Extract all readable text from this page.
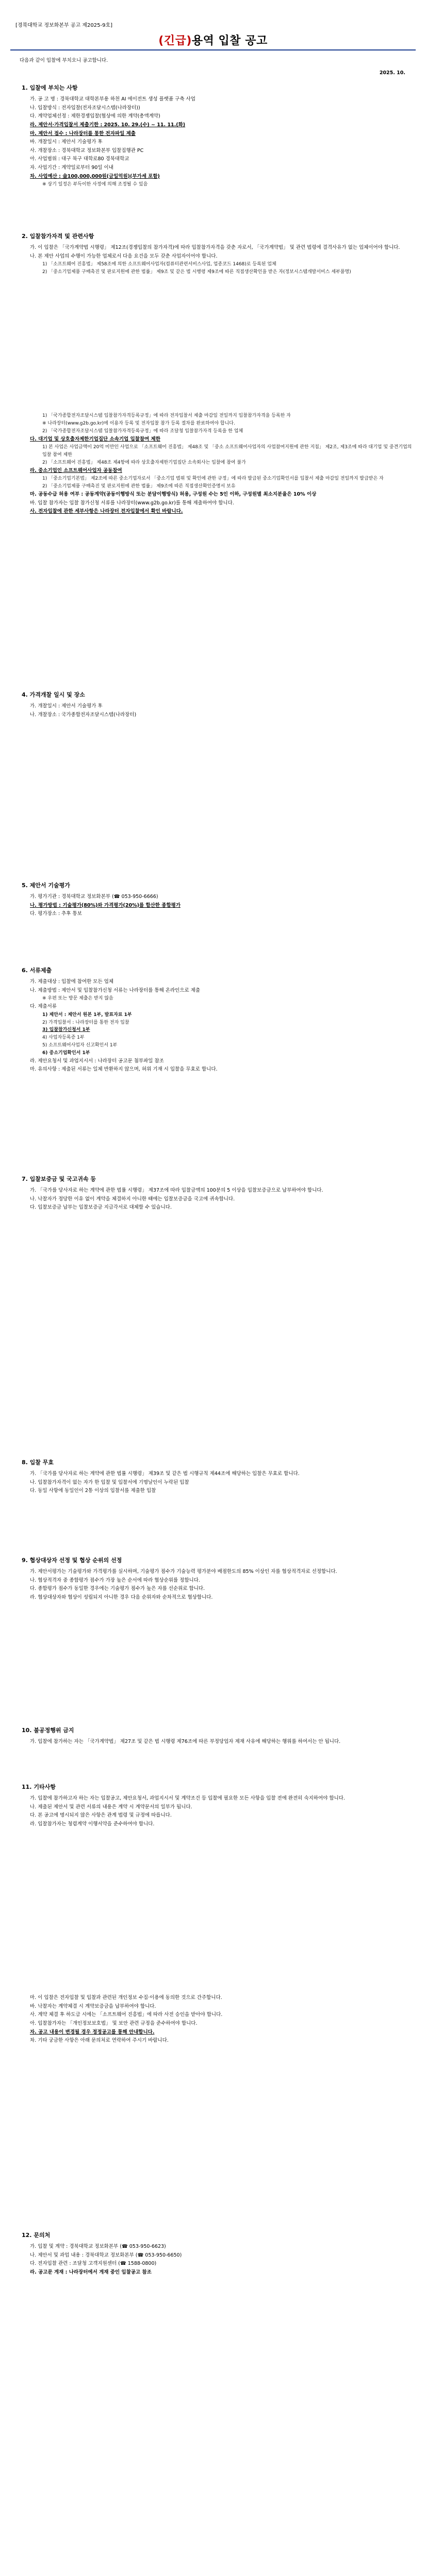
[경북대학교 정보화본부 공고 제2025-9호]
(긴급)용역 입찰 공고
다음과 같이 입찰에 부치오니 공고합니다.
2025. 10.
1. 입찰에 부치는 사항
가. 공 고 명 : 경북대학교 대학본부용 하천 AI 에이전트 생성 플랫폼 구축 사업
나. 입찰방식 : 전자입찰(전자조달시스템(나라장터))
다. 계약업체선정 : 제한경쟁입찰(협상에 의한 계약(총액계약)
라. 제안서·가격입찰서 제출기한 : 2025. 10. 29.(수) ~ 11. 11.(화)
마. 제안서 접수 : 나라장터를 통한 전자파일 제출
바. 개찰일시 : 제안서 기술평가 후
사. 개찰장소 : 경북대학교 정보화본부 입찰집행관 PC
아. 사업범위 : 대구 북구 대학로80 경북대학교
자. 사업기간 : 계약일로부터 90일 이내
차. 사업예산 : 金100,000,000원(금일억원)(부가세 포함)
※ 상기 일정은 부득이한 사정에 의해 조정될 수 있음
2. 입찰참가자격 및 관련사항
가. 이 입찰은 「국가계약법 시행령」 제12조(경쟁입찰의 참가자격)에 따라 입찰참가자격을 갖춘 자로서, 「국가계약법」 및 관련 법령에 결격사유가 없는 업체이어야 합니다.
나. 본 제안 사업의 수행이 가능한 업체로서 다음 요건을 모두 갖춘 사업자이어야 합니다.
1) 「소프트웨어 진흥법」 제58조에 의한 소프트웨어사업자(컴퓨터관련서비스사업, 업종코드 1468)로 등록된 업체
2) 「중소기업제품 구매촉진 및 판로지원에 관한 법률」 제9조 및 같은 법 시행령 제9조에 따른 직접생산확인을 받은 자(정보시스템개발서비스 세부품명)
1) 「국가종합전자조달시스템 입찰참가자격등록규정」에 따라 전자입찰서 제출 마감일 전일까지 입찰참가자격을 등록한 자
※ 나라장터(www.g2b.go.kr)에 이용자 등록 및 전자입찰 참가 등록 절차를 완료하여야 합니다.
2) 「국가종합전자조달시스템 입찰참가자격등록규정」에 따라 조달청 입찰참가자격 등록을 한 업체
다. 대기업 및 상호출자제한기업집단 소속기업 입찰참여 제한
1) 본 사업은 사업금액이 20억 미만인 사업으로 「소프트웨어 진흥법」 제48조 및 「중소 소프트웨어사업자의 사업참여지원에 관한 지침」 제2조, 제3조에 따라 대기업 및 중견기업의 입찰 참여 제한
2) 「소프트웨어 진흥법」 제48조 제4항에 따라 상호출자제한기업집단 소속회사는 입찰에 참여 불가
라. 중소기업인 소프트웨어사업자 공동참여
1) 「중소기업기본법」 제2조에 따른 중소기업자로서 「중소기업 범위 및 확인에 관한 규정」에 따라 발급된 중소기업확인서를 입찰서 제출 마감일 전일까지 발급받은 자
2) 「중소기업제품 구매촉진 및 판로지원에 관한 법률」 제9조에 따른 직접생산확인증명서 보유
마. 공동수급 허용 여부 : 공동계약(공동이행방식 또는 분담이행방식) 허용, 구성원 수는 5인 이하, 구성원별 최소지분율은 10% 이상
바. 입찰 참가자는 입찰 참가신청 서류를 나라장터(www.g2b.go.kr)를 통해 제출하여야 합니다.
사. 전자입찰에 관한 세부사항은 나라장터 전자입찰에서 확인 바랍니다.
4. 가격개찰 일시 및 장소
가. 개찰일시 : 제안서 기술평가 후
나. 개찰장소 : 국가종합전자조달시스템(나라장터)
5. 제안서 기술평가
가. 평가기관 : 경북대학교 정보화본부 (☎ 053-950-6666)
나. 평가방법 : 기술평가(80%)와 가격평가(20%)를 합산한 종합평가
다. 평가장소 : 추후 통보
6. 서류제출
가. 제출대상 : 입찰에 참여한 모든 업체
나. 제출방법 : 제안서 및 입찰참가신청 서류는 나라장터를 통해 온라인으로 제출
※ 우편 또는 방문 제출은 받지 않음
다. 제출서류
1) 제안서 : 제안서 원본 1부, 발표자료 1부
2) 가격입찰서 : 나라장터를 통한 전자 입찰
3) 입찰참가신청서 1부
4) 사업자등록증 1부
5) 소프트웨어사업자 신고확인서 1부
6) 중소기업확인서 1부
라. 제안요청서 및 과업지시서 : 나라장터 공고문 첨부파일 참조
마. 유의사항 : 제출된 서류는 일체 반환하지 않으며, 허위 기재 시 입찰을 무효로 합니다.
7. 입찰보증금 및 국고귀속 등
가. 「국가를 당사자로 하는 계약에 관한 법률 시행령」 제37조에 따라 입찰금액의 100분의 5 이상을 입찰보증금으로 납부하여야 합니다.
나. 낙찰자가 정당한 이유 없이 계약을 체결하지 아니한 때에는 입찰보증금을 국고에 귀속합니다.
다. 입찰보증금 납부는 입찰보증금 지급각서로 대체할 수 있습니다.
8. 입찰 무효
가. 「국가를 당사자로 하는 계약에 관한 법률 시행령」 제39조 및 같은 법 시행규칙 제44조에 해당하는 입찰은 무효로 합니다.
나. 입찰참가자격이 없는 자가 한 입찰 및 입찰서에 기명날인이 누락된 입찰
다. 동일 사항에 동일인이 2통 이상의 입찰서를 제출한 입찰
9. 협상대상자 선정 및 협상 순위의 선정
가. 제안서평가는 기술평가와 가격평가를 실시하며, 기술평가 점수가 기술능력 평가분야 배점한도의 85% 이상인 자를 협상적격자로 선정합니다.
나. 협상적격자 중 종합평가 점수가 가장 높은 순서에 따라 협상순위를 정합니다.
다. 종합평가 점수가 동일한 경우에는 기술평가 점수가 높은 자를 선순위로 합니다.
라. 협상대상자와 협상이 성립되지 아니한 경우 다음 순위자와 순차적으로 협상합니다.
10. 불공정행위 금지
가. 입찰에 참가하는 자는 「국가계약법」 제27조 및 같은 법 시행령 제76조에 따른 부정당업자 제재 사유에 해당하는 행위를 하여서는 안 됩니다.
11. 기타사항
가. 입찰에 참가하고자 하는 자는 입찰공고, 제안요청서, 과업지시서 및 계약조건 등 입찰에 필요한 모든 사항을 입찰 전에 완전히 숙지하여야 합니다.
나. 제출된 제안서 및 관련 서류의 내용은 계약 시 계약문서의 일부가 됩니다.
다. 본 공고에 명시되지 않은 사항은 관계 법령 및 규정에 따릅니다.
라. 입찰참가자는 청렴계약 이행서약을 준수하여야 합니다.
마. 이 입찰은 전자입찰 및 입찰과 관련된 개인정보 수집·이용에 동의한 것으로 간주합니다.
바. 낙찰자는 계약체결 시 계약보증금을 납부하여야 합니다.
사. 계약 체결 후 하도급 시에는 「소프트웨어 진흥법」에 따라 사전 승인을 받아야 합니다.
아. 입찰참가자는 「개인정보보호법」 및 보안 관련 규정을 준수하여야 합니다.
자. 공고 내용이 변경될 경우 정정공고를 통해 안내합니다.
차. 기타 궁금한 사항은 아래 문의처로 연락하여 주시기 바랍니다.
12. 문의처
가. 입찰 및 계약 : 경북대학교 정보화본부 (☎ 053-950-6623)
나. 제안서 및 과업 내용 : 경북대학교 정보화본부 (☎ 053-950-6650)
다. 전자입찰 관련 : 조달청 고객지원센터 (☎ 1588-0800)
라. 공고문 게재 : 나라장터에서 게재 중인 입찰공고 참조
